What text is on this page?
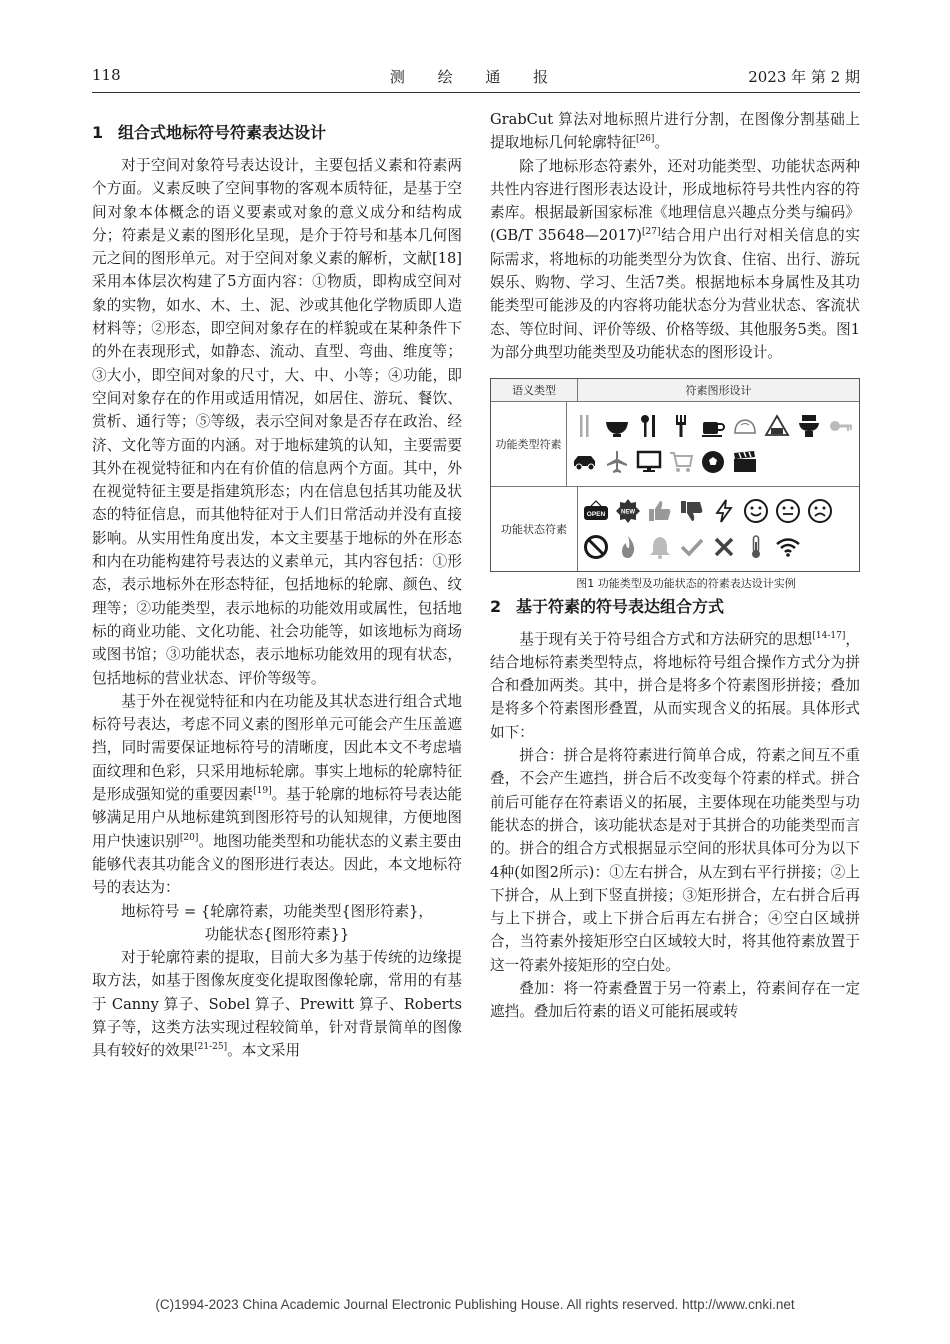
118	测 绘 通 报	2023 年 第 2 期
1 组合式地标符号符素表达设计

对于空间对象符号表达设计，主要包括义素和符素两个方面。义素反映了空间事物的客观本质特征，是基于空间对象本体概念的语义要素或对象的意义成分和结构成分；符素是义素的图形化呈现，是介于符号和基本几何图元之间的图形单元。对于空间对象义素的解析，文献[18]采用本体层次构建了5方面内容：①物质，即构成空间对象的实物，如水、木、土、泥、沙或其他化学物质即人造材料等；②形态，即空间对象存在的样貌或在某种条件下的外在表现形式，如静态、流动、直型、弯曲、维度等；③大小，即空间对象的尺寸，大、中、小等；④功能，即空间对象存在的作用或适用情况，如居住、游玩、餐饮、赏析、通行等；⑤等级，表示空间对象是否存在政治、经济、文化等方面的内涵。对于地标建筑的认知，主要需要其外在视觉特征和内在有价值的信息两个方面。其中，外在视觉特征主要是指建筑形态；内在信息包括其功能及状态的特征信息，而其他特征对于人们日常活动并没有直接影响。从实用性角度出发，本文主要基于地标的外在形态和内在功能构建符号表达的义素单元，其内容包括：①形态，表示地标外在形态特征，包括地标的轮廓、颜色、纹理等；②功能类型，表示地标的功能效用或属性，包括地标的商业功能、文化功能、社会功能等，如该地标为商场或图书馆；③功能状态，表示地标功能效用的现有状态，包括地标的营业状态、评价等级等。

基于外在视觉特征和内在功能及其状态进行组合式地标符号表达，考虑不同义素的图形单元可能会产生压盖遮挡，同时需要保证地标符号的清晰度，因此本文不考虑墙面纹理和色彩，只采用地标轮廓。事实上地标的轮廓特征是形成强知觉的重要因素[19]。基于轮廓的地标符号表达能够满足用户从地标建筑到图形符号的认知规律，方便地图用户快速识别[20]。地图功能类型和功能状态的义素主要由能够代表其功能含义的图形进行表达。因此，本文地标符号的表达为：

地标符号 = {轮廓符素，功能类型{图形符素}，

功能状态{图形符素}}

对于轮廓符素的提取，目前大多为基于传统的边缘提取方法，如基于图像灰度变化提取图像轮廓，常用的有基于 Canny 算子、Sobel 算子、Prewitt 算子、Roberts 算子等，这类方法实现过程较简单，针对背景简单的图像具有较好的效果[21-25]。本文采用

GrabCut 算法对地标照片进行分割，在图像分割基础上提取地标几何轮廓特征[26]。

除了地标形态符素外，还对功能类型、功能状态两种共性内容进行图形表达设计，形成地标符号共性内容的符素库。根据最新国家标准《地理信息兴趣点分类与编码》(GB/T 35648—2017)[27]结合用户出行对相关信息的实际需求，将地标的功能类型分为饮食、住宿、出行、游玩娱乐、购物、学习、生活7类。根据地标本身属性及其功能类型可能涉及的内容将功能状态分为营业状态、客流状态、等位时间、评价等级、价格等级、其他服务5类。图1为部分典型功能类型及功能状态的图形设计。

语义类型	符素图形设计
功能类型符素
功能状态符素
OPEN	NEW

图1 功能类型及功能状态的符素表达设计实例

2 基于符素的符号表达组合方式

基于现有关于符号组合方式和方法研究的思想[14-17]，结合地标符素类型特点，将地标符号组合操作方式分为拼合和叠加两类。其中，拼合是将多个符素图形拼接；叠加是将多个符素图形叠置，从而实现含义的拓展。具体形式如下：

拼合：拼合是将符素进行简单合成，符素之间互不重叠，不会产生遮挡，拼合后不改变每个符素的样式。拼合前后可能存在符素语义的拓展，主要体现在功能类型与功能状态的拼合，该功能状态是对于其拼合的功能类型而言的。拼合的组合方式根据显示空间的形状具体可分为以下4种(如图2所示)：①左右拼合，从左到右平行拼接；②上下拼合，从上到下竖直拼接；③矩形拼合，左右拼合后再与上下拼合，或上下拼合后再左右拼合；④空白区域拼合，当符素外接矩形空白区域较大时，将其他符素放置于这一符素外接矩形的空白处。

叠加：将一符素叠置于另一符素上，符素间存在一定遮挡。叠加后符素的语义可能拓展或转

(C)1994-2023 China Academic Journal Electronic Publishing House. All rights reserved. http://www.cnki.net
